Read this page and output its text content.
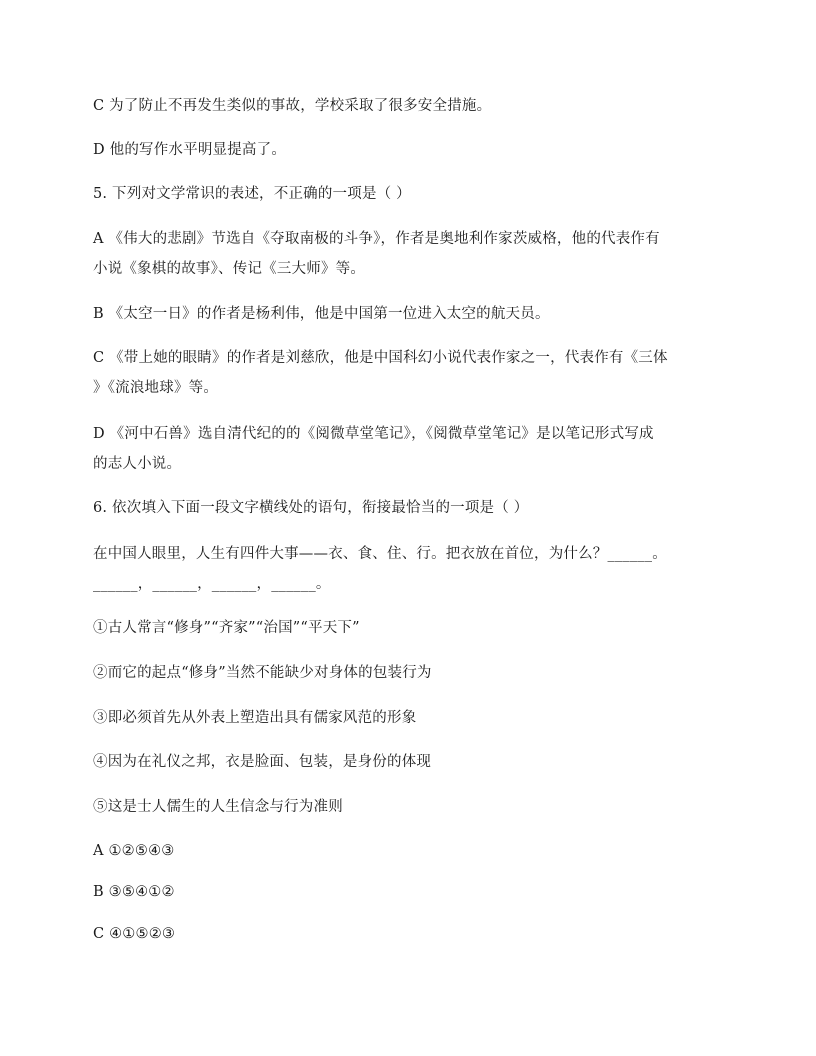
C 为了防止不再发生类似的事故，学校采取了很多安全措施。
D 他的写作水平明显提高了。
5. 下列对文学常识的表述，不正确的一项是（ ）
A 《伟大的悲剧》节选自《夺取南极的斗争》，作者是奥地利作家茨威格，他的代表作有
小说《象棋的故事》、传记《三大师》等。
B 《太空一日》的作者是杨利伟，他是中国第一位进入太空的航天员。
C 《带上她的眼睛》的作者是刘慈欣，他是中国科幻小说代表作家之一，代表作有《三体
》《流浪地球》等。
D 《河中石兽》选自清代纪的的《阅微草堂笔记》，《阅微草堂笔记》是以笔记形式写成
的志人小说。
6. 依次填入下面一段文字横线处的语句，衔接最恰当的一项是（ ）
在中国人眼里，人生有四件大事——衣、食、住、行。把衣放在首位，为什么？______。
______，______，______，______。
①古人常言“修身”“齐家”“治国”“平天下”
②而它的起点“修身”当然不能缺少对身体的包装行为
③即必须首先从外表上塑造出具有儒家风范的形象
④因为在礼仪之邦，衣是脸面、包装，是身份的体现
⑤这是士人儒生的人生信念与行为准则
A ①②⑤④③
B ③⑤④①②
C ④①⑤②③
